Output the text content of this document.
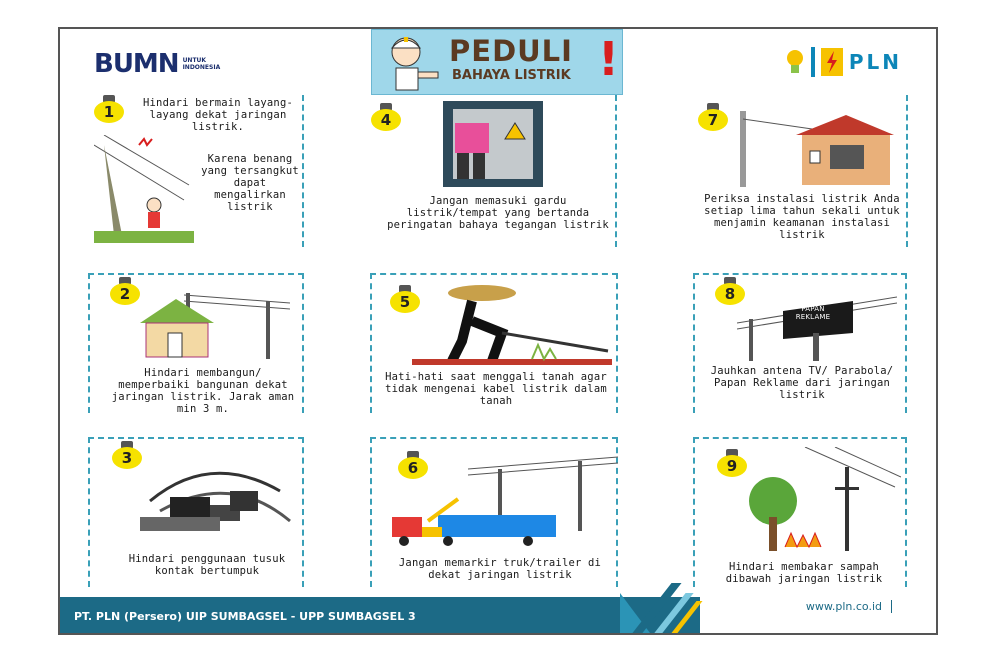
BUMN UNTUK
INDONESIA	PEDULI
BAHAYA LISTRIK !	PLN
1	Hindari bermain layang-layang dekat jaringan listrik.
Karena benang yang tersangkut dapat mengalirkan listrik
4
Jangan memasuki gardu listrik/tempat yang bertanda peringatan bahaya tegangan listrik
7
Periksa instalasi listrik Anda setiap lima tahun sekali untuk menjamin keamanan instalasi listrik
2
Hindari membangun/ memperbaiki bangunan dekat jaringan listrik. Jarak aman min 3 m.
5
Hati-hati saat menggali tanah agar tidak mengenai kabel listrik dalam tanah
8
PAPAN REKLAME
Jauhkan antena TV/ Parabola/ Papan Reklame dari jaringan listrik
3
Hindari penggunaan tusuk kontak bertumpuk
6
Jangan memarkir truk/trailer di dekat jaringan listrik
9
Hindari membakar sampah dibawah jaringan listrik
PT. PLN (Persero) UIP SUMBAGSEL - UPP SUMBAGSEL 3
www.pln.co.id
